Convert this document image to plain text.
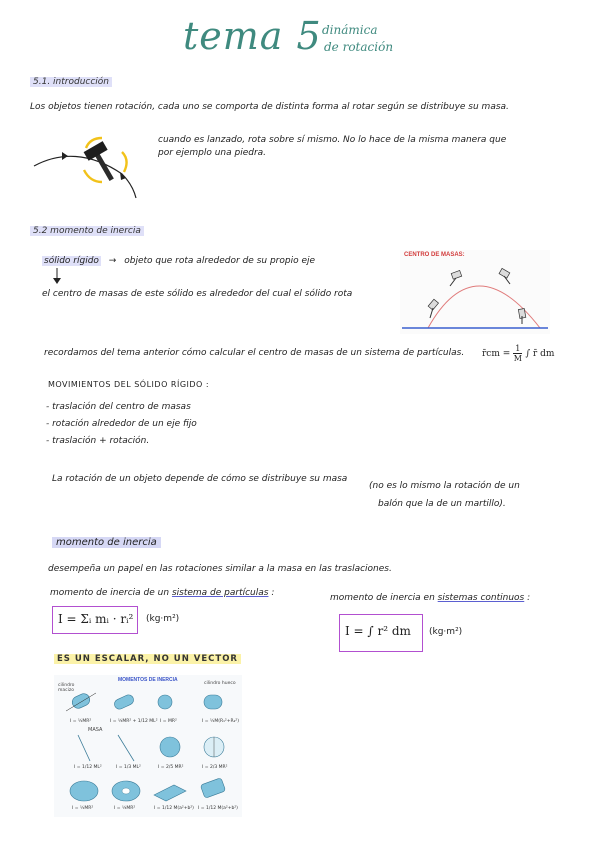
tema 5 dinámica
de rotación
5.1. introducción
Los objetos tienen rotación, cada uno se comporta de distinta forma al rotar según se distribuye su masa.
cuando es lanzado, rota sobre sí mismo. No lo hace de la misma manera que
por ejemplo una piedra.
5.2 momento de inercia
sólido rígido → objeto que rota alrededor de su propio eje
el centro de masas de este sólido es alrededor del cual el sólido rota
CENTRO DE MASAS:
recordamos del tema anterior cómo calcular el centro de masas de un sistema de partículas. r̄cm = $\frac{1}{M}$ ∫ r̄ dm
MOVIMIENTOS DEL SÓLIDO RÍGIDO :
- traslación del centro de masas
- rotación alrededor de un eje fijo
- traslación + rotación.
La rotación de un objeto depende de cómo se distribuye su masa
(no es lo mismo la rotación de un
balón que la de un martillo).
momento de inercia
desempeña un papel en las rotaciones similar a la masa en las traslaciones.
momento de inercia de un sistema de partículas :
I = Σᵢ mᵢ · rᵢ²	(kg·m²)
momento de inercia en sistemas continuos :
I = ∫ r² dm	(kg·m²)
ES UN ESCALAR, NO UN VECTOR
MOMENTOS DE INERCIA
cilindro macizo
cilindro hueco
MASA
I = ½MR²	I = ¼MR² + 1/12 ML² I = MR²	I = ½M(R₁²+R₂²)
I = 1/12 ML²	I = 1/3 ML²	I = 2/5 MR²	I = 2/3 MR²
I = ½MR²	I = ¼MR²	I = 1/12 M(a²+b²) I = 1/12 M(a²+b²)
